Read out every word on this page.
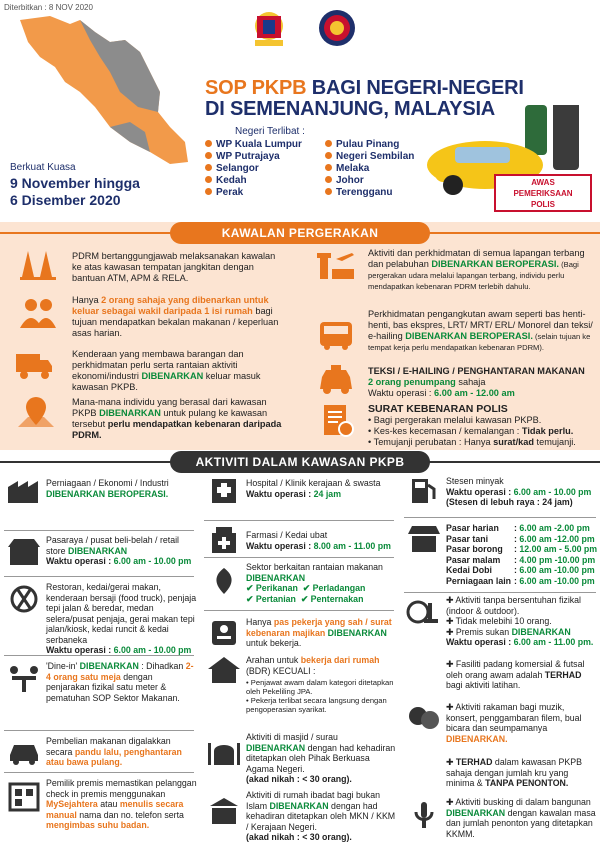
Diterbitkan : 8 NOV 2020
SOP PKPB BAGI NEGERI-NEGERI
DI SEMENANJUNG, MALAYSIA
Negeri Terlibat :
WP Kuala Lumpur	Pulau Pinang
WP Putrajaya	Negeri Sembilan
Selangor	Melaka
Kedah	Johor
Perak	Terengganu
Berkuat Kuasa
9 November hingga
6 Disember 2020
AWAS
PEMERIKSAAN
POLIS
KAWALAN PERGERAKAN
PDRM bertanggungjawab melaksanakan kawalan ke atas kawasan tempatan jangkitan dengan bantuan ATM, APM & RELA.
Hanya 2 orang sahaja yang dibenarkan untuk keluar sebagai wakil daripada 1 isi rumah bagi tujuan mendapatkan bekalan makanan / keperluan asas harian.
Kenderaan yang membawa barangan dan perkhidmatan perlu serta rantaian aktiviti ekonomi/industri DIBENARKAN keluar masuk kawasan PKPB.
Mana-mana individu yang berasal dari kawasan PKPB DIBENARKAN untuk pulang ke kawasan tersebut perlu mendapatkan kebenaran daripada PDRM.
Aktiviti dan perkhidmatan di semua lapangan terbang dan pelabuhan DIBENARKAN BEROPERASI. (Bagi pergerakan udara melalui lapangan terbang, individu perlu mendapatkan kebenaran PDRM terlebih dahulu.
Perkhidmatan pengangkutan awam seperti bas henti-henti, bas ekspres, LRT/ MRT/ ERL/ Monorel dan teksi/ e-hailing DIBENARKAN BEROPERASI. (selain tujuan ke tempat kerja perlu mendapatkan kebenaran PDRM).
TEKSI / E-HAILING / PENGHANTARAN MAKANAN
2 orang penumpang sahaja
Waktu operasi : 6.00 am - 12.00 am
SURAT KEBENARAN POLIS
• Bagi pergerakan melalui kawasan PKPB.
• Kes-kes kecemasan / kemalangan : Tidak perlu.
• Temujanji perubatan : Hanya surat/kad temujanji.
AKTIVITI DALAM KAWASAN PKPB
Perniagaan / Ekonomi / Industri
DIBENARKAN BEROPERASI.
Pasaraya / pusat beli-belah / retail store DIBENARKAN
Waktu operasi : 6.00 am - 10.00 pm
Restoran, kedai/gerai makan, kenderaan bersaji (food truck), penjaja tepi jalan & beredar, medan selera/pusat penjaja, gerai makan tepi jalan/kiosk, kedai runcit & kedai serbaneka
Waktu operasi : 6.00 am - 10.00 pm
'Dine-in' DIBENARKAN : Dihadkan 2- 4 orang satu meja dengan penjarakan fizikal satu meter & pematuhan SOP Sektor Makanan.
Pembelian makanan digalakkan secara pandu lalu, penghantaran atau bawa pulang.
Pemilik premis memastikan pelanggan check in premis menggunakan MySejahtera atau menulis secara manual nama dan no. telefon serta mengimbas suhu badan.
Hospital / Klinik kerajaan & swasta
Waktu operasi : 24 jam
Farmasi / Kedai ubat
Waktu operasi : 8.00 am - 11.00 pm
Sektor berkaitan rantaian makanan DIBENARKAN
✔ Perikanan ✔ Perladangan
✔ Pertanian ✔ Penternakan
Hanya pas pekerja yang sah / surat kebenaran majikan DIBENARKAN untuk bekerja.
Arahan untuk bekerja dari rumah (BDR) KECUALI :
• Penjawat awam dalam kategori ditetapkan oleh Pekeliling JPA.
• Pekerja terlibat secara langsung dengan pengoperasian syarikat.
Aktiviti di masjid / surau DIBENARKAN dengan had kehadiran ditetapkan oleh Pihak Berkuasa Agama Negeri.
(akad nikah : < 30 orang).
Aktiviti di rumah ibadat bagi bukan Islam DIBENARKAN dengan had kehadiran ditetapkan oleh MKN / KKM / Kerajaan Negeri.
(akad nikah : < 30 orang).
Stesen minyak
Waktu operasi : 6.00 am - 10.00 pm
(Stesen di lebuh raya : 24 jam)
Pasar harian : 6.00 am -2.00 pm
Pasar tani	: 6.00 am -12.00 pm
Pasar borong : 12.00 am - 5.00 pm
Pasar malam : 4.00 pm -10.00 pm
Kedai Dobi	: 6.00 am -10.00 pm
Perniagaan lain : 6.00 am -10.00 pm
✚ Aktiviti tanpa bersentuhan fizikal (indoor & outdoor).
✚ Tidak melebihi 10 orang.
✚ Premis sukan DIBENARKAN
Waktu operasi : 6.00 am - 11.00 pm.
✚ Fasiliti padang komersial & futsal oleh orang awam adalah TERHAD bagi aktiviti latihan.
✚ Aktiviti rakaman bagi muzik, konsert, penggambaran filem, bual bicara dan seumpamanya DIBENARKAN.
✚ TERHAD dalam kawasan PKPB sahaja dengan jumlah kru yang minima & TANPA PENONTON.
✚ Aktiviti busking di dalam bangunan DIBENARKAN dengan kawalan masa dan jumlah penonton yang ditetapkan KKMM.
